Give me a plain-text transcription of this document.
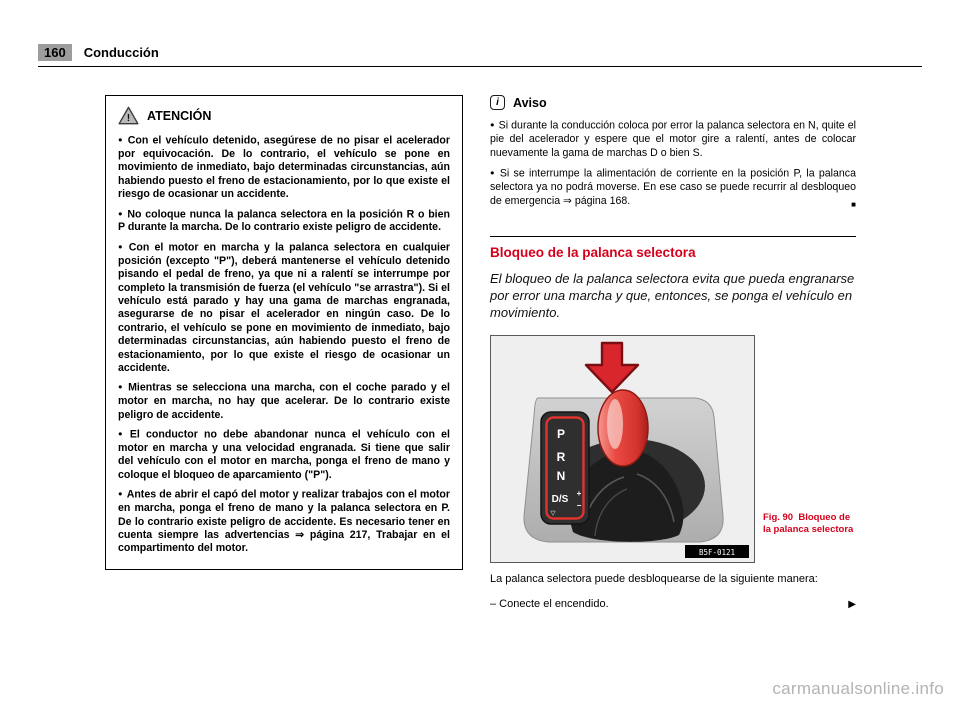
160	Conducción
! ATENCIÓN
● Con el vehículo detenido, asegúrese de no pisar el acelerador por equivocación. De lo contrario, el vehículo se pone en movimiento de inmediato, bajo determinadas circunstancias, aún habiendo puesto el freno de estacionamiento, por lo que existe el riesgo de ocasionar un accidente.
● No coloque nunca la palanca selectora en la posición R o bien P durante la marcha. De lo contrario existe peligro de accidente.
● Con el motor en marcha y la palanca selectora en cualquier posición (excepto "P"), deberá mantenerse el vehículo detenido pisando el pedal de freno, ya que ni a ralentí se interrumpe por completo la transmisión de fuerza (el vehículo "se arrastra"). Si el vehículo está parado y hay una gama de marchas engranada, asegurarse de no pisar el acelerador en ningún caso. De lo contrario, el vehículo se pone en movimiento de inmediato, bajo determinadas circunstancias, aún habiendo puesto el freno de estacionamiento, por lo que existe el riesgo de ocasionar un accidente.
● Mientras se selecciona una marcha, con el coche parado y el motor en marcha, no hay que acelerar. De lo contrario existe peligro de accidente.
● El conductor no debe abandonar nunca el vehículo con el motor en marcha y una velocidad engranada. Si tiene que salir del vehículo con el motor en marcha, ponga el freno de mano y coloque el bloqueo de aparcamiento ("P").
● Antes de abrir el capó del motor y realizar trabajos con el motor en marcha, ponga el freno de mano y la palanca selectora en P. De lo contrario existe peligro de accidente. Es necesario tener en cuenta siempre las advertencias ⇒ página 217, Trabajar en el compartimento del motor.
i Aviso
● Si durante la conducción coloca por error la palanca selectora en N, quite el pie del acelerador y espere que el motor gire a ralentí, antes de colocar nuevamente la gama de marchas D o bien S.
● Si se interrumpe la alimentación de corriente en la posición P, la palanca selectora ya no podrá moverse. En ese caso se puede recurrir al desbloqueo de emergencia ⇒ página 168.	■
Bloqueo de la palanca selectora

El bloqueo de la palanca selectora evita que pueda engranarse por error una marcha y que, entonces, se ponga el vehículo en movimiento.

P
R
N
D/S
+
−
▽
B5F-0121
Fig. 90 Bloqueo de la palanca selectora

La palanca selectora puede desbloquearse de la siguiente manera:

– Conecte el encendido.	▶
carmanualsonline.info
